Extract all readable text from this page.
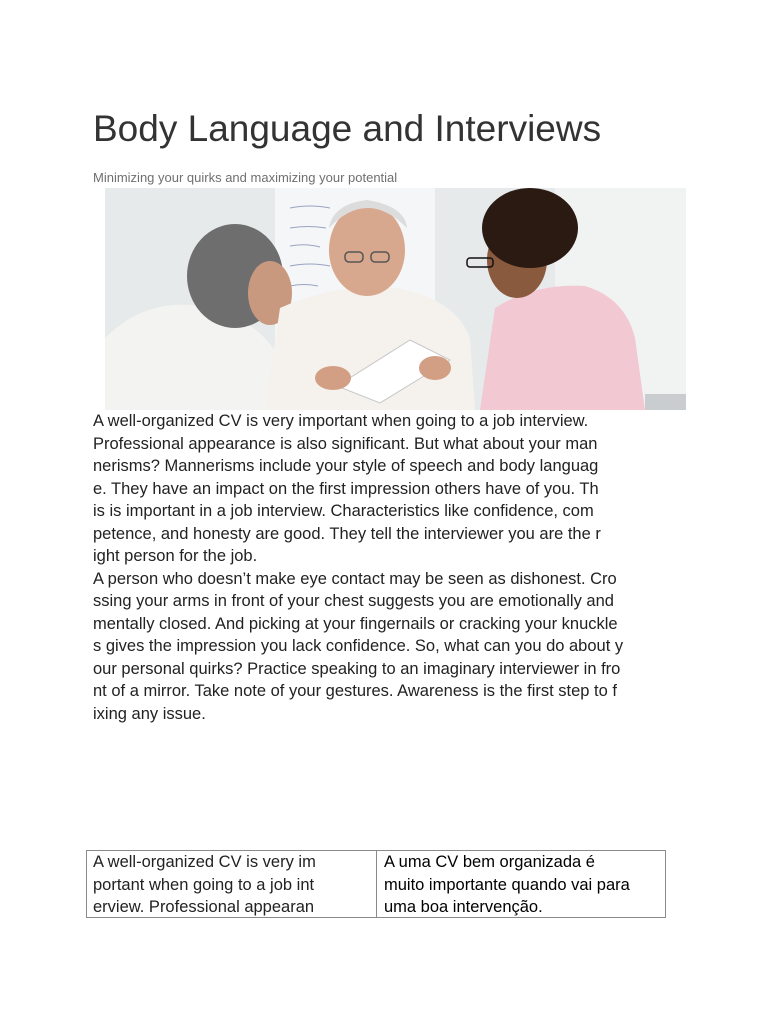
Body Language and Interviews
Minimizing your quirks and maximizing your potential

A well-organized CV is very important when going to a job interview.
Professional appearance is also significant. But what about your man
nerisms? Mannerisms include your style of speech and body languag
e. They have an impact on the first impression others have of you. Th
is is important in a job interview. Characteristics like confidence, com
petence, and honesty are good. They tell the interviewer you are the r
ight person for the job.

A person who doesn’t make eye contact may be seen as dishonest. Cro
ssing your arms in front of your chest suggests you are emotionally and
mentally closed. And picking at your fingernails or cracking your knuckle
s gives the impression you lack confidence. So, what can you do about y
our personal quirks? Practice speaking to an imaginary interviewer in fro
nt of a mirror. Take note of your gestures. Awareness is the first step to f
ixing any issue.

A well-organized CV is very im
portant when going to a job int
erview. Professional appearan
A uma CV bem organizada é
muito importante quando vai para
uma boa intervenção.
